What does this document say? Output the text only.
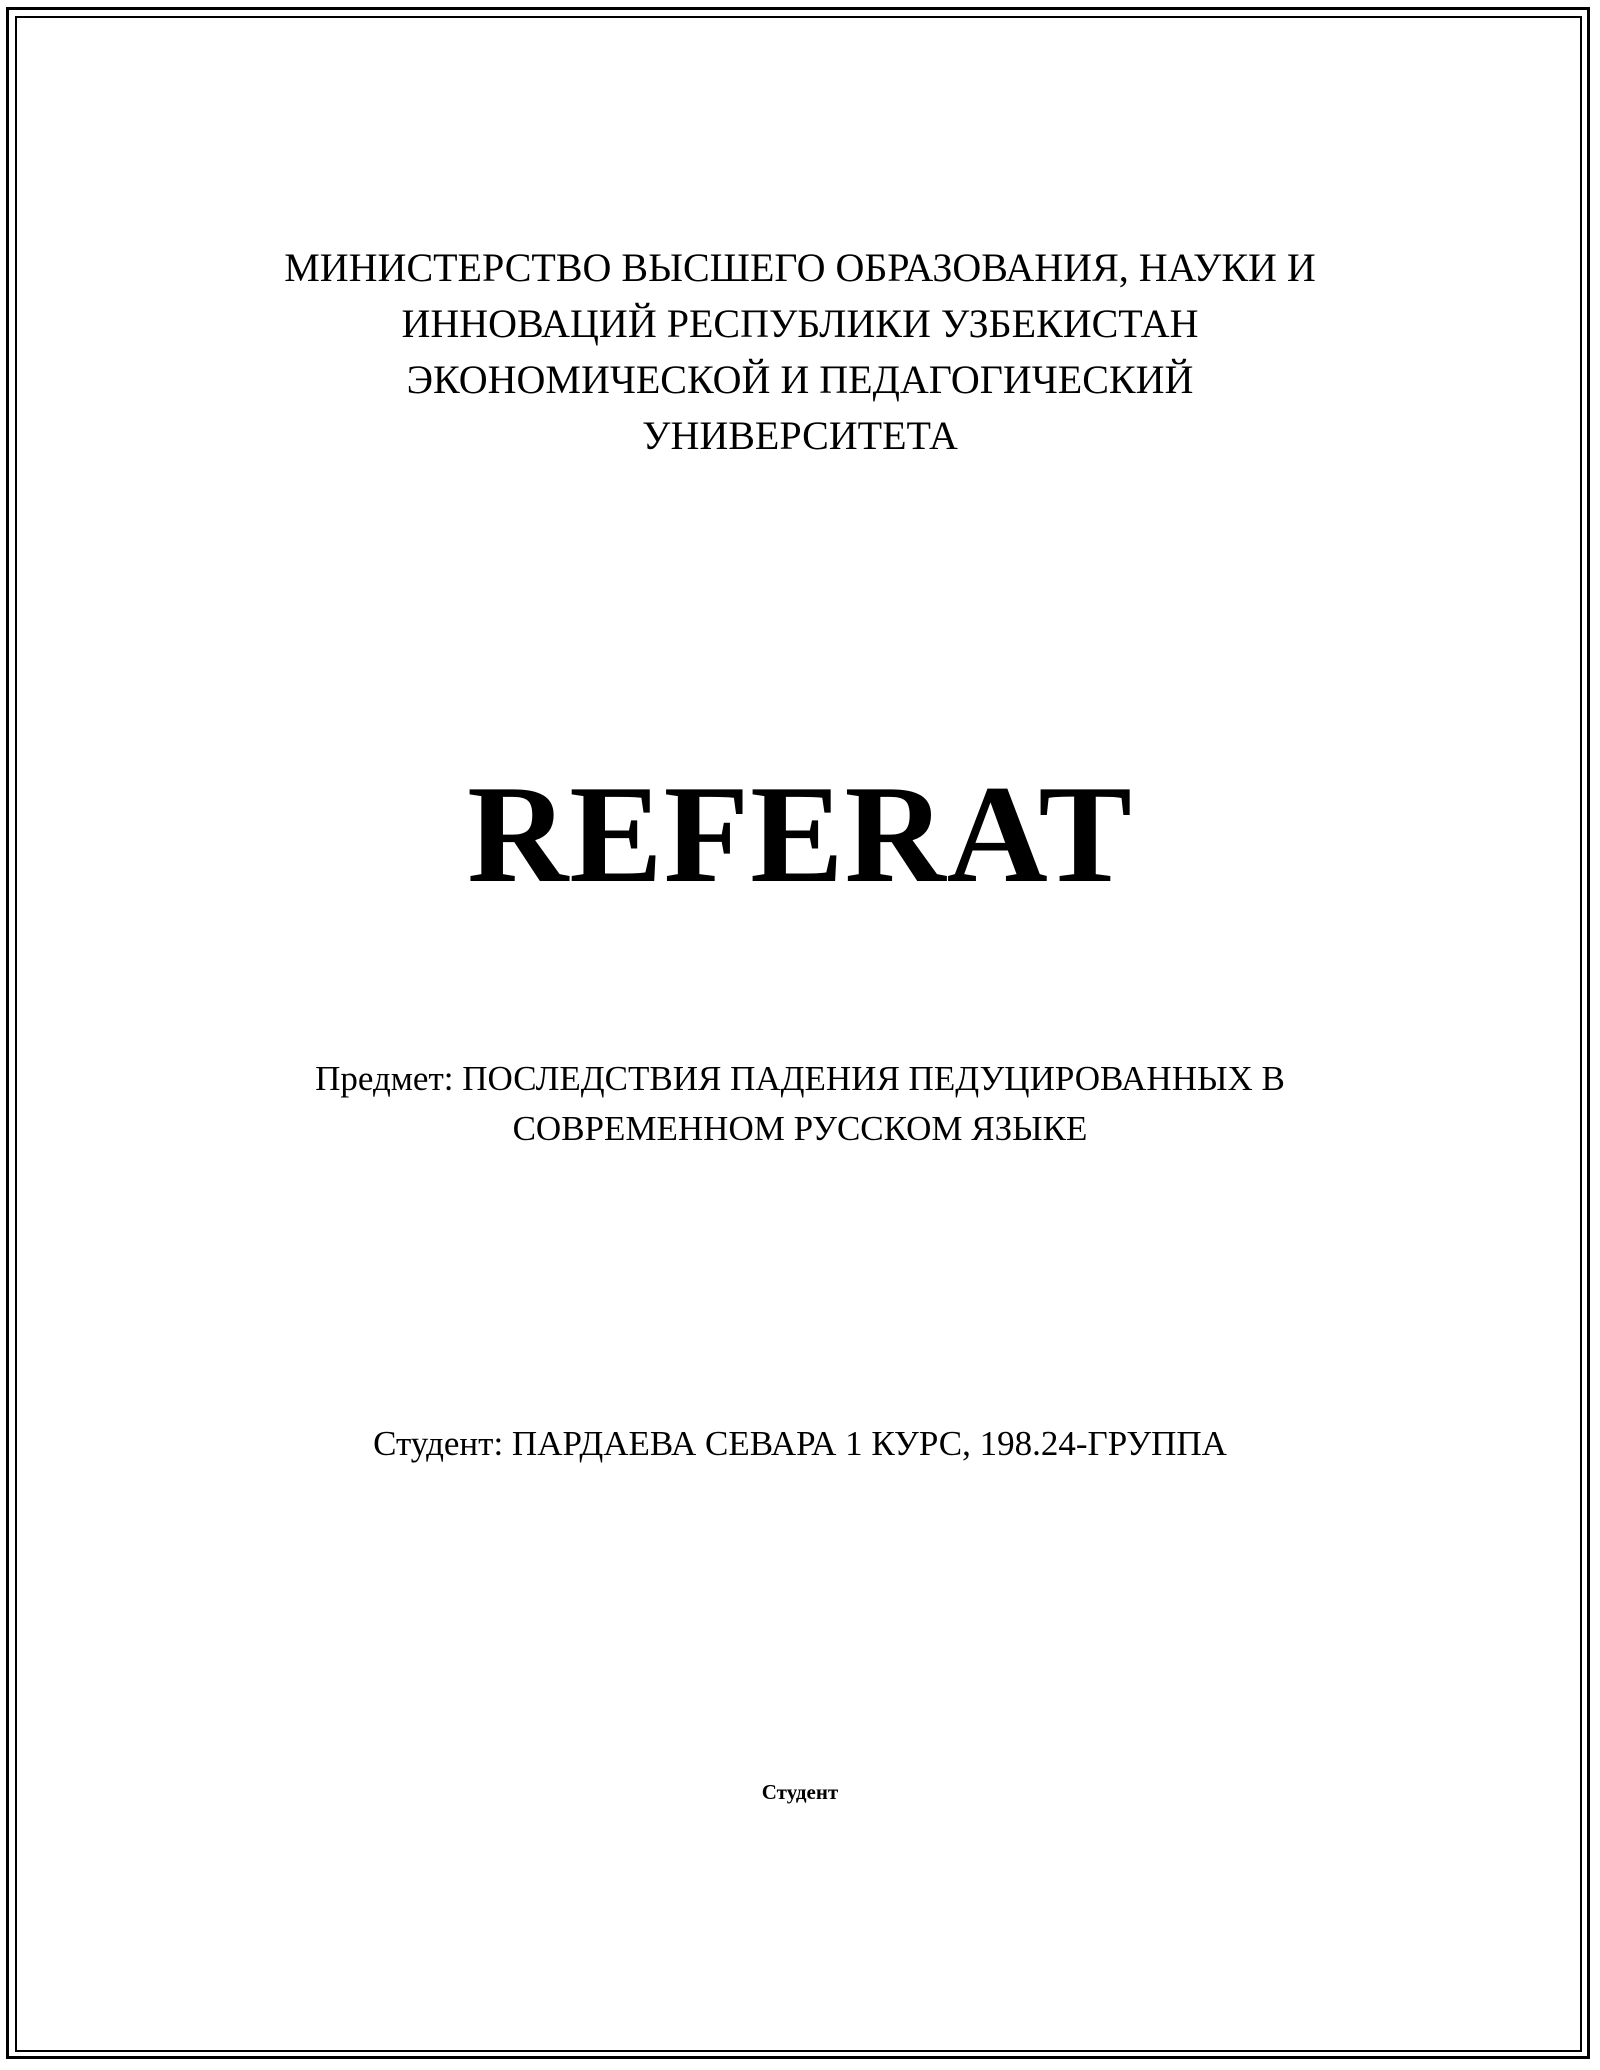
МИНИСТЕРСТВО ВЫСШЕГО ОБРАЗОВАНИЯ, НАУКИ И
ИННОВАЦИЙ РЕСПУБЛИКИ УЗБЕКИСТАН
ЭКОНОМИЧЕСКОЙ И ПЕДАГОГИЧЕСКИЙ
УНИВЕРСИТЕТА
REFERAT
Предмет: ПОСЛЕДСТВИЯ ПАДЕНИЯ ПЕДУЦИРОВАННЫХ В
СОВРЕМЕННОМ РУССКОМ ЯЗЫКЕ
Студент: ПАРДАЕВА СЕВАРА 1 КУРС, 198.24-ГРУППА
Студент
